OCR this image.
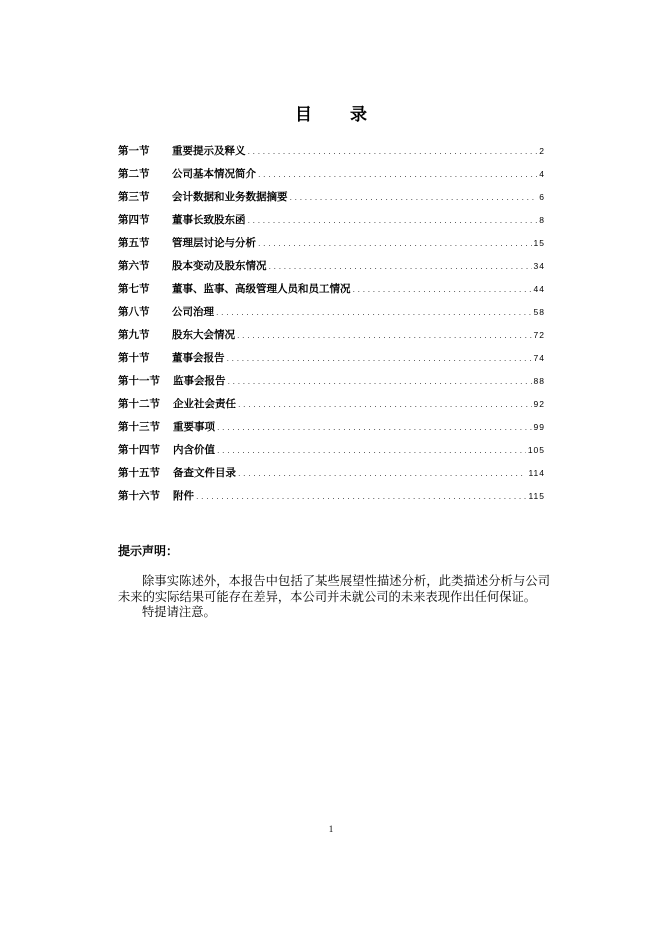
目 录
第一节	重要提示及释义 .....	2
第二节	公司基本情况简介 .....	4
第三节	会计数据和业务数据摘要 .....	6
第四节	董事长致股东函 .....	8
第五节	管理层讨论与分析 .....	15
第六节	股本变动及股东情况 .....	34
第七节	董事、监事、高级管理人员和员工情况 .....	44
第八节	公司治理 .....	58
第九节	股东大会情况 .....	72
第十节	董事会报告 .....	74
第十一节	监事会报告 .....	88
第十二节	企业社会责任 .....	92
第十三节	重要事项 .....	99
第十四节	内含价值 .....	105
第十五节	备查文件目录 .....	114
第十六节	附件 .....	115
提示声明：

除事实陈述外，本报告中包括了某些展望性描述分析，此类描述分析与公司未来的实际结果可能存在差异，本公司并未就公司的未来表现作出任何保证。

特提请注意。

1
